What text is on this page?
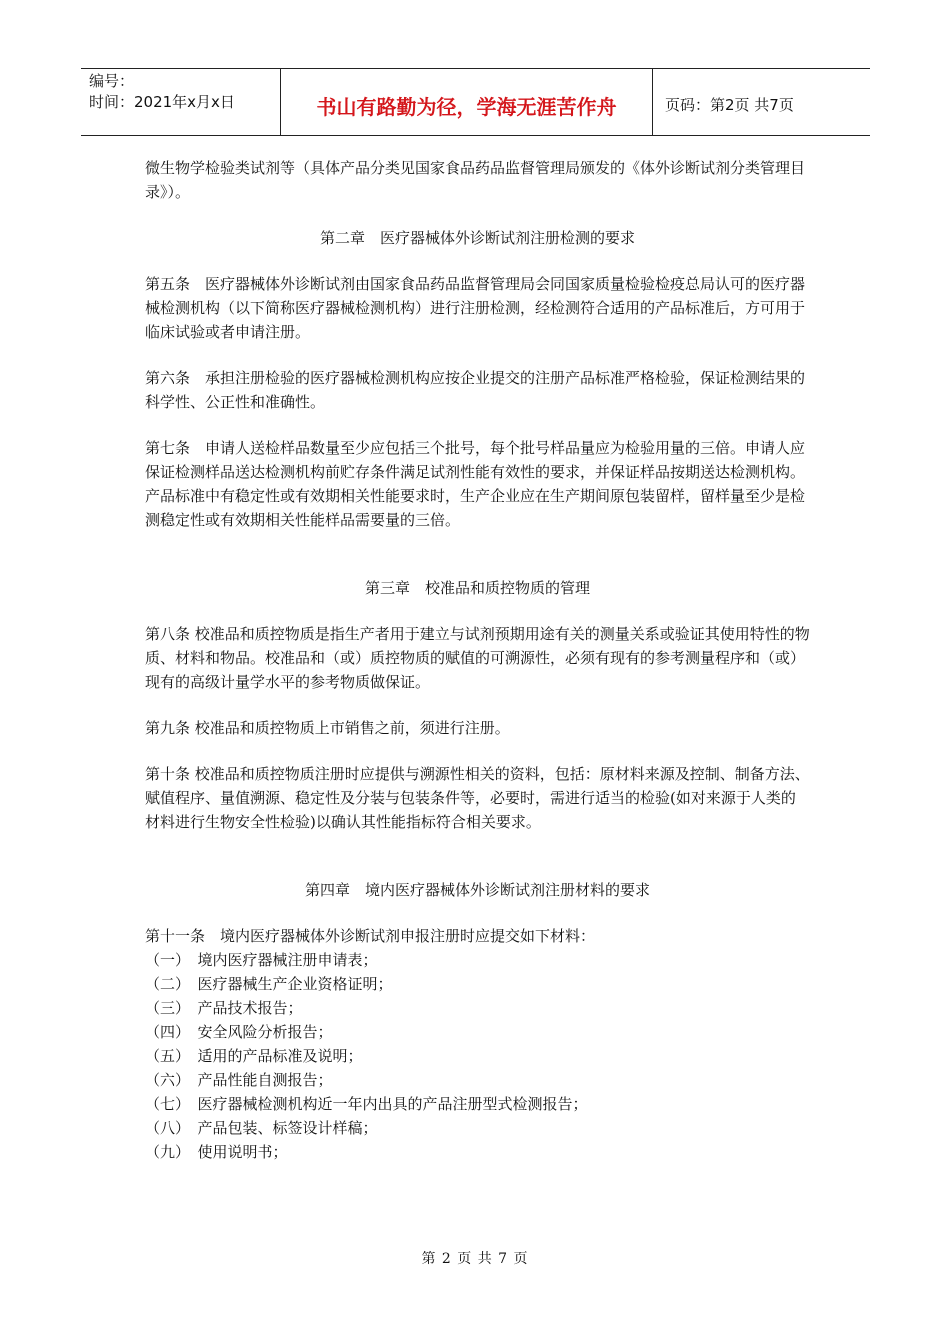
编号：
时间：2021年x月x日	书山有路勤为径，学海无涯苦作舟	页码：第2页 共7页

微生物学检验类试剂等（具体产品分类见国家食品药品监督管理局颁发的《体外诊断试剂分类管理目录》）。

第二章　医疗器械体外诊断试剂注册检测的要求

第五条　医疗器械体外诊断试剂由国家食品药品监督管理局会同国家质量检验检疫总局认可的医疗器械检测机构（以下简称医疗器械检测机构）进行注册检测，经检测符合适用的产品标准后，方可用于临床试验或者申请注册。

第六条　承担注册检验的医疗器械检测机构应按企业提交的注册产品标准严格检验，保证检测结果的科学性、公正性和准确性。

第七条　申请人送检样品数量至少应包括三个批号，每个批号样品量应为检验用量的三倍。申请人应保证检测样品送达检测机构前贮存条件满足试剂性能有效性的要求，并保证样品按期送达检测机构。产品标准中有稳定性或有效期相关性能要求时，生产企业应在生产期间原包装留样，留样量至少是检测稳定性或有效期相关性能样品需要量的三倍。

第三章　校准品和质控物质的管理

第八条 校准品和质控物质是指生产者用于建立与试剂预期用途有关的测量关系或验证其使用特性的物质、材料和物品。校准品和（或）质控物质的赋值的可溯源性，必须有现有的参考测量程序和（或）现有的高级计量学水平的参考物质做保证。

第九条 校准品和质控物质上市销售之前，须进行注册。

第十条 校准品和质控物质注册时应提供与溯源性相关的资料，包括：原材料来源及控制、制备方法、赋值程序、量值溯源、稳定性及分装与包装条件等，必要时，需进行适当的检验(如对来源于人类的材料进行生物安全性检验)以确认其性能指标符合相关要求。

第四章　境内医疗器械体外诊断试剂注册材料的要求

第十一条　境内医疗器械体外诊断试剂申报注册时应提交如下材料：

（一）　境内医疗器械注册申请表；
（二）　医疗器械生产企业资格证明；
（三）　产品技术报告；
（四）　安全风险分析报告；
（五）　适用的产品标准及说明；
（六）　产品性能自测报告；
（七）　医疗器械检测机构近一年内出具的产品注册型式检测报告；
（八）　产品包装、标签设计样稿；
（九）　使用说明书；
第 2 页 共 7 页
